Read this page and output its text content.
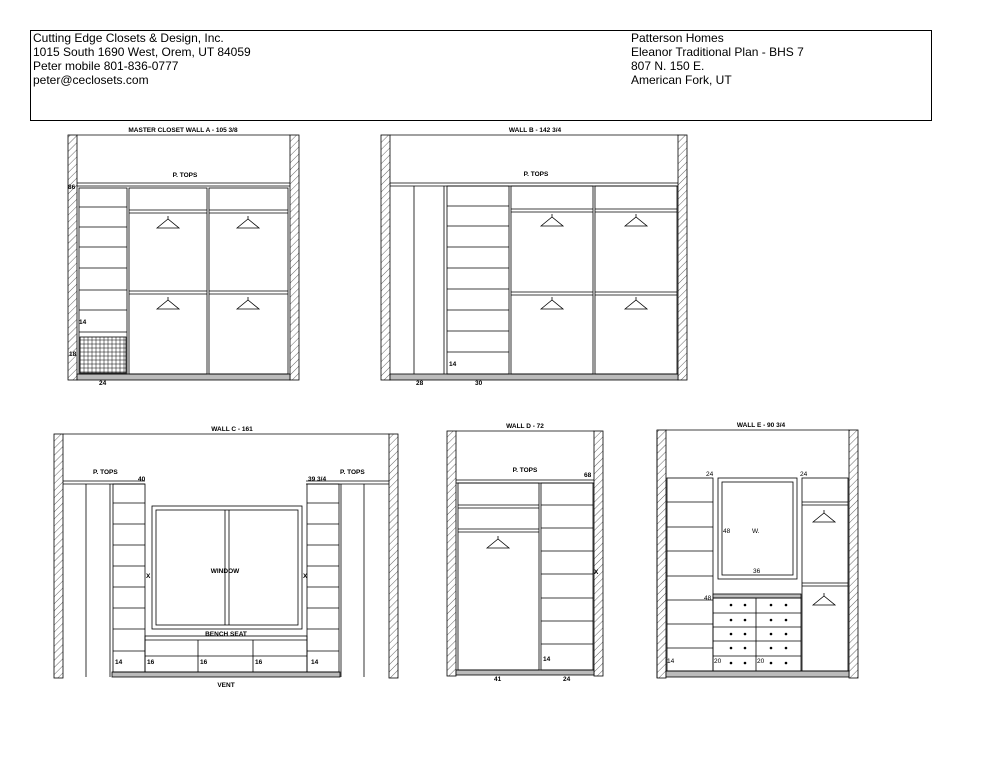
Cutting Edge Closets & Design, Inc.
1015 South 1690 West, Orem, UT 84059
Peter mobile 801-836-0777
peter@ceclosets.com
Patterson Homes
Eleanor Traditional Plan - BHS 7
807 N. 150 E.
American Fork, UT
MASTER CLOSET WALL A - 105 3/8
P. TOPS
86
14
18
24
WALL B - 142 3/4
P. TOPS
14
28	30
WALL C - 161
P. TOPS	P. TOPS
40	39 3/4
X	X
14	16	16	16	14
WINDOW
BENCH SEAT
VENT
WALL D - 72
P. TOPS
68
X
14
41	24
WALL E - 90 3/4
24	24
48	W.
36
48
14	20	20
